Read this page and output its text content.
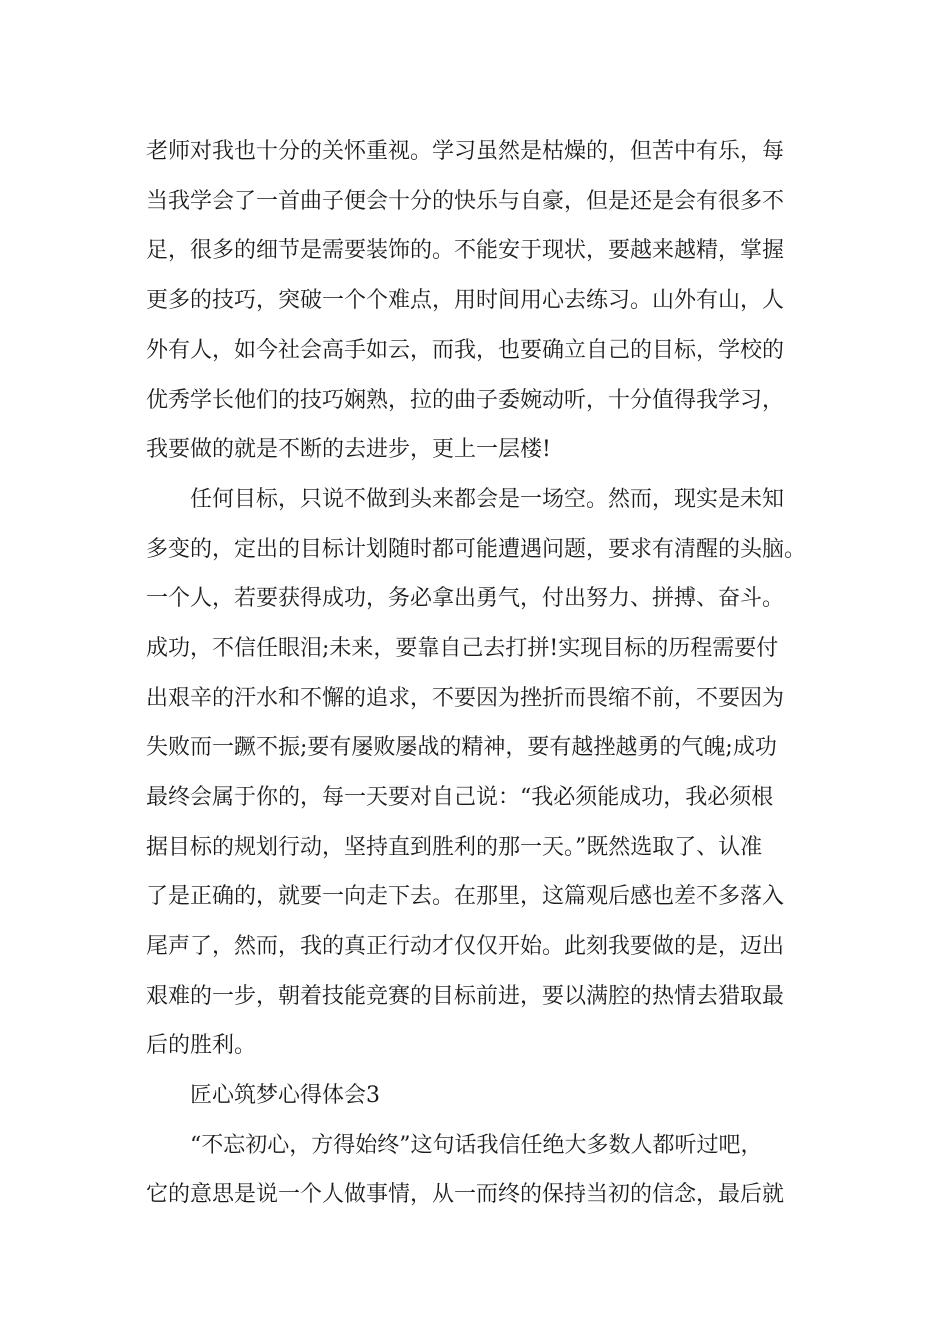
老师对我也十分的关怀重视。学习虽然是枯燥的，但苦中有乐，每
当我学会了一首曲子便会十分的快乐与自豪，但是还是会有很多不
足，很多的细节是需要装饰的。不能安于现状，要越来越精，掌握
更多的技巧，突破一个个难点，用时间用心去练习。山外有山，人
外有人，如今社会高手如云，而我，也要确立自己的目标，学校的
优秀学长他们的技巧娴熟，拉的曲子委婉动听，十分值得我学习，
我要做的就是不断的去进步，更上一层楼!
　　任何目标，只说不做到头来都会是一场空。然而，现实是未知
多变的，定出的目标计划随时都可能遭遇问题，要求有清醒的头脑。
一个人，若要获得成功，务必拿出勇气，付出努力、拼搏、奋斗。
成功，不信任眼泪;未来，要靠自己去打拼!实现目标的历程需要付
出艰辛的汗水和不懈的追求，不要因为挫折而畏缩不前，不要因为
失败而一蹶不振;要有屡败屡战的精神，要有越挫越勇的气魄;成功
最终会属于你的，每一天要对自己说：“我必须能成功，我必须根
据目标的规划行动，坚持直到胜利的那一天。”既然选取了、认准
了是正确的，就要一向走下去。在那里，这篇观后感也差不多落入
尾声了，然而，我的真正行动才仅仅开始。此刻我要做的是，迈出
艰难的一步，朝着技能竞赛的目标前进，要以满腔的热情去猎取最
后的胜利。
　　匠心筑梦心得体会3
　　“不忘初心，方得始终”这句话我信任绝大多数人都听过吧，
它的意思是说一个人做事情，从一而终的保持当初的信念，最后就
